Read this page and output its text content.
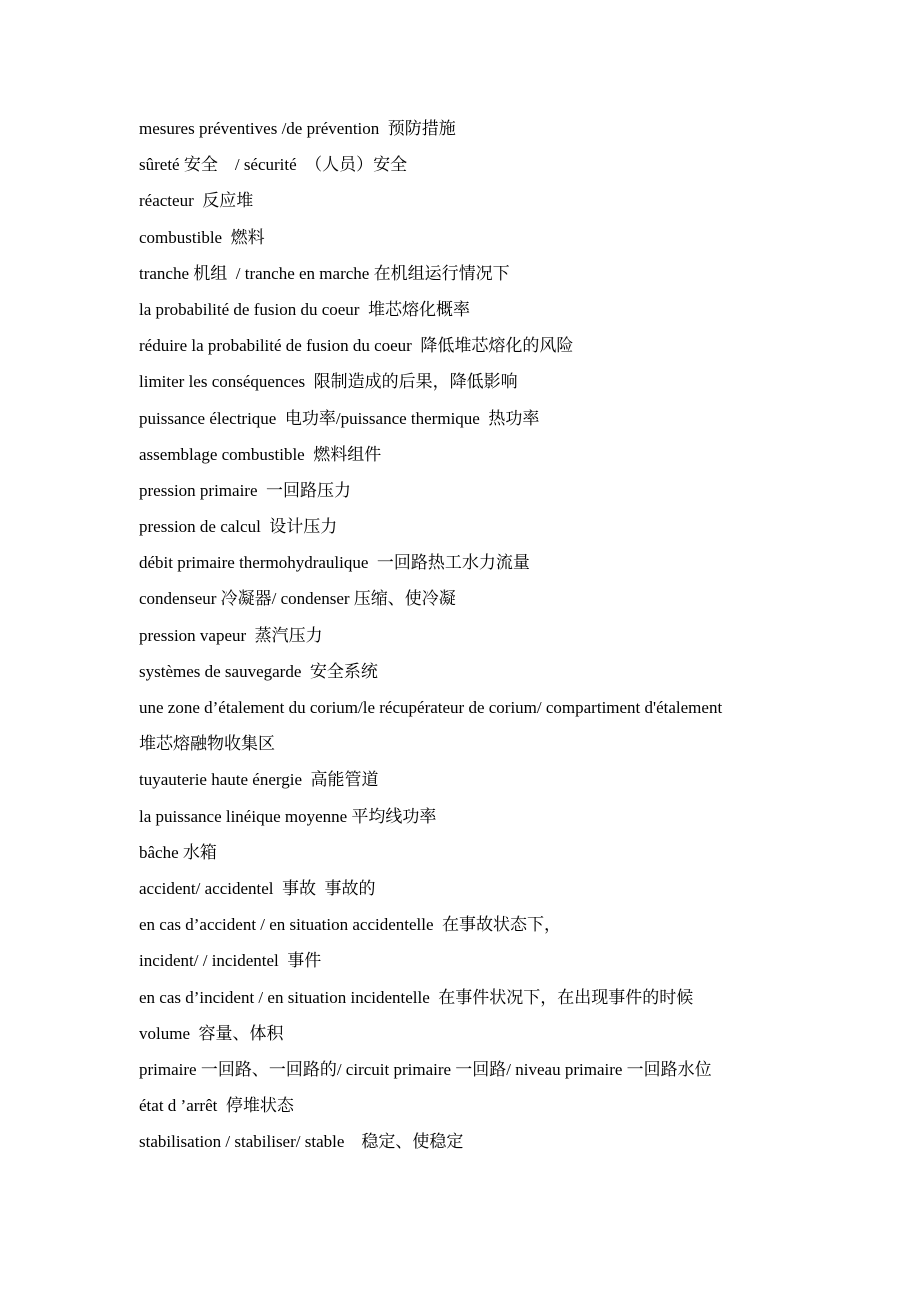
mesures préventives /de prévention  预防措施
sûreté 安全    / sécurité  （人员）安全
réacteur  反应堆
combustible  燃料
tranche 机组  / tranche en marche 在机组运行情况下
la probabilité de fusion du coeur  堆芯熔化概率
réduire la probabilité de fusion du coeur  降低堆芯熔化的风险
limiter les conséquences  限制造成的后果，降低影响
puissance électrique  电功率/puissance thermique  热功率
assemblage combustible  燃料组件
pression primaire  一回路压力
pression de calcul  设计压力
débit primaire thermohydraulique  一回路热工水力流量
condenseur 冷凝器/ condenser 压缩、使冷凝
pression vapeur  蒸汽压力
systèmes de sauvegarde  安全系统
une zone d’étalement du corium/le récupérateur de corium/ compartiment d'étalement
堆芯熔融物收集区
tuyauterie haute énergie  高能管道
la puissance linéique moyenne 平均线功率
bâche 水箱
accident/ accidentel  事故  事故的
en cas d’accident / en situation accidentelle  在事故状态下，
incident/ / incidentel  事件
en cas d’incident / en situation incidentelle  在事件状况下，在出现事件的时候
volume  容量、体积
primaire 一回路、一回路的/ circuit primaire 一回路/ niveau primaire 一回路水位
état d ’arrêt  停堆状态
stabilisation / stabiliser/ stable    稳定、使稳定
